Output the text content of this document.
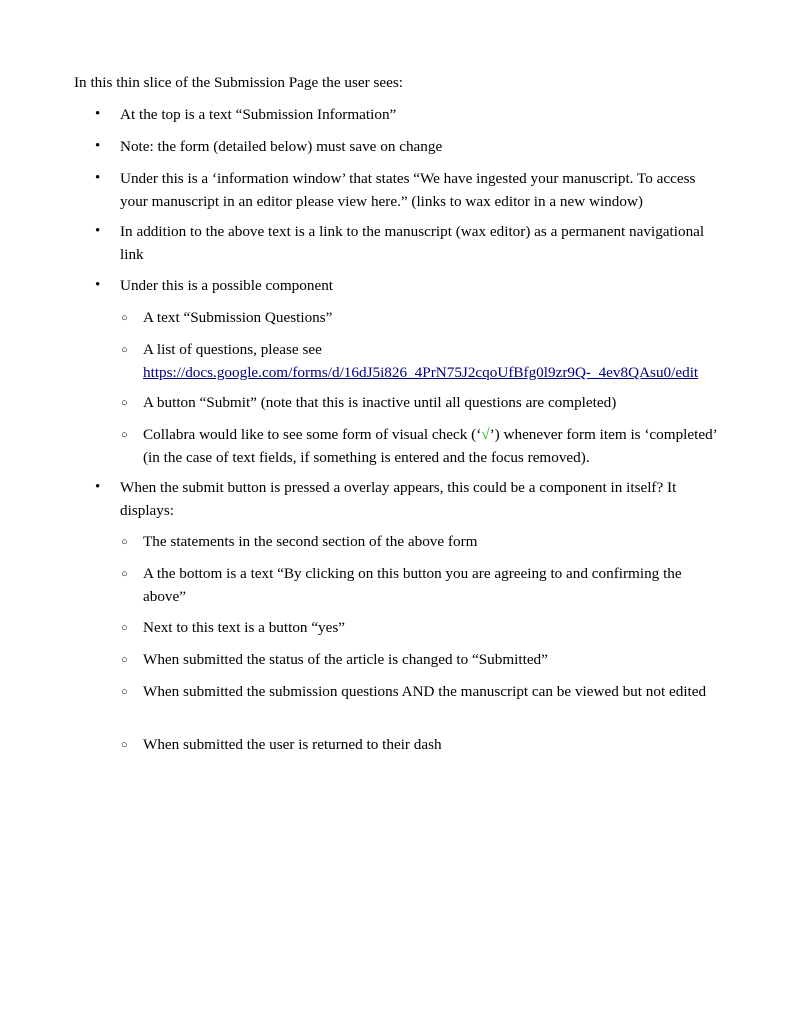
In this thin slice of the Submission Page the user sees:
• At the top is a text “Submission Information”
• Note: the form (detailed below) must save on change
• Under this is a ‘information window’ that states “We have ingested your manuscript. To access your manuscript in an editor please view here.” (links to wax editor in a new window)
• In addition to the above text is a link to the manuscript (wax editor) as a permanent navigational link
• Under this is a possible component
○ A text “Submission Questions”
○ A list of questions, please see
https://docs.google.com/forms/d/16dJ5i826_4PrN75J2cqoUfBfg0l9zr9Q-_4ev8QAsu0/edit
○ A button “Submit” (note that this is inactive until all questions are completed)
○ Collabra would like to see some form of visual check (‘√’) whenever form item is ‘completed’ (in the case of text fields, if something is entered and the focus removed).
• When the submit button is pressed a overlay appears, this could be a component in itself? It displays:
○ The statements in the second section of the above form
○ A the bottom is a text “By clicking on this button you are agreeing to and confirming the above”
○ Next to this text is a button “yes”
○ When submitted the status of the article is changed to “Submitted”
○ When submitted the submission questions AND the manuscript can be viewed but not edited
○ When submitted the user is returned to their dash
